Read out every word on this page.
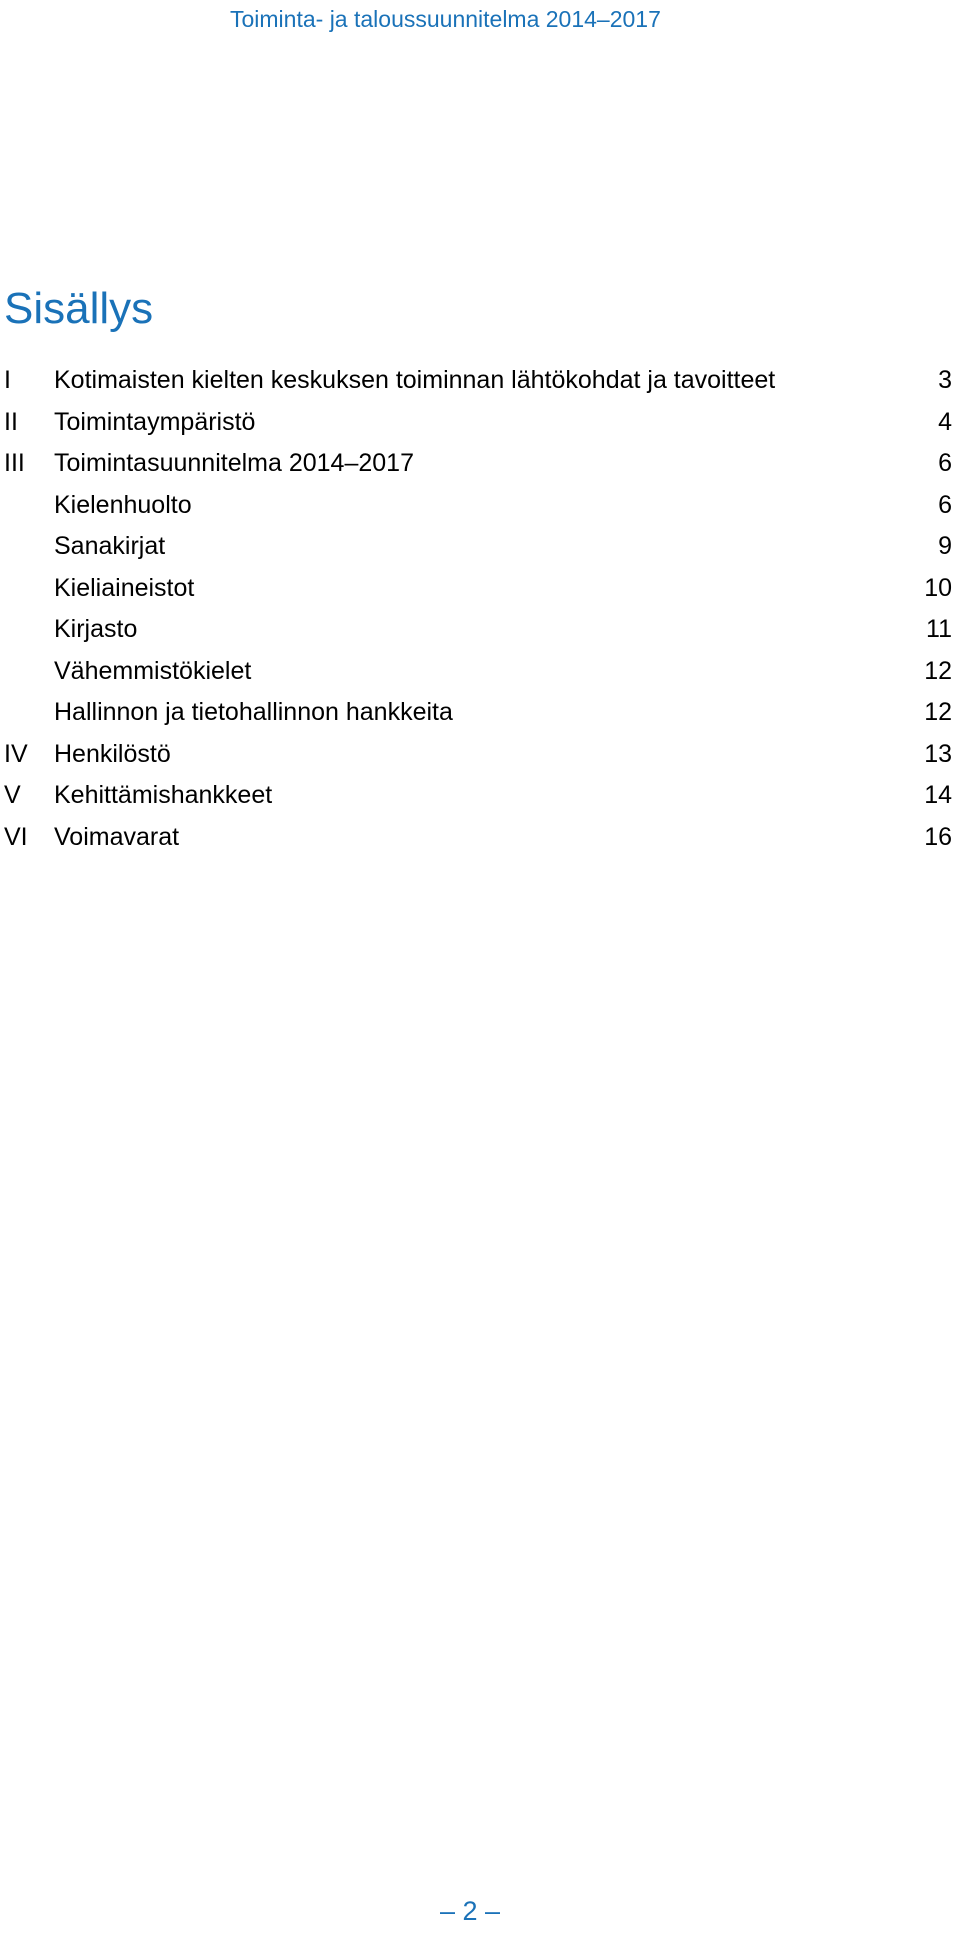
Toiminta- ja taloussuunnitelma 2014–2017
Sisällys
I Kotimaisten kielten keskuksen toiminnan lähtökohdat ja tavoitteet	3
II Toimintaympäristö	4
III Toimintasuunnitelma 2014–2017	6
Kielenhuolto	6
Sanakirjat	9
Kieliaineistot	10
Kirjasto	11
Vähemmistökielet	12
Hallinnon ja tietohallinnon hankkeita	12
IV Henkilöstö	13
V Kehittämishankkeet	14
VI Voimavarat	16
– 2 –
